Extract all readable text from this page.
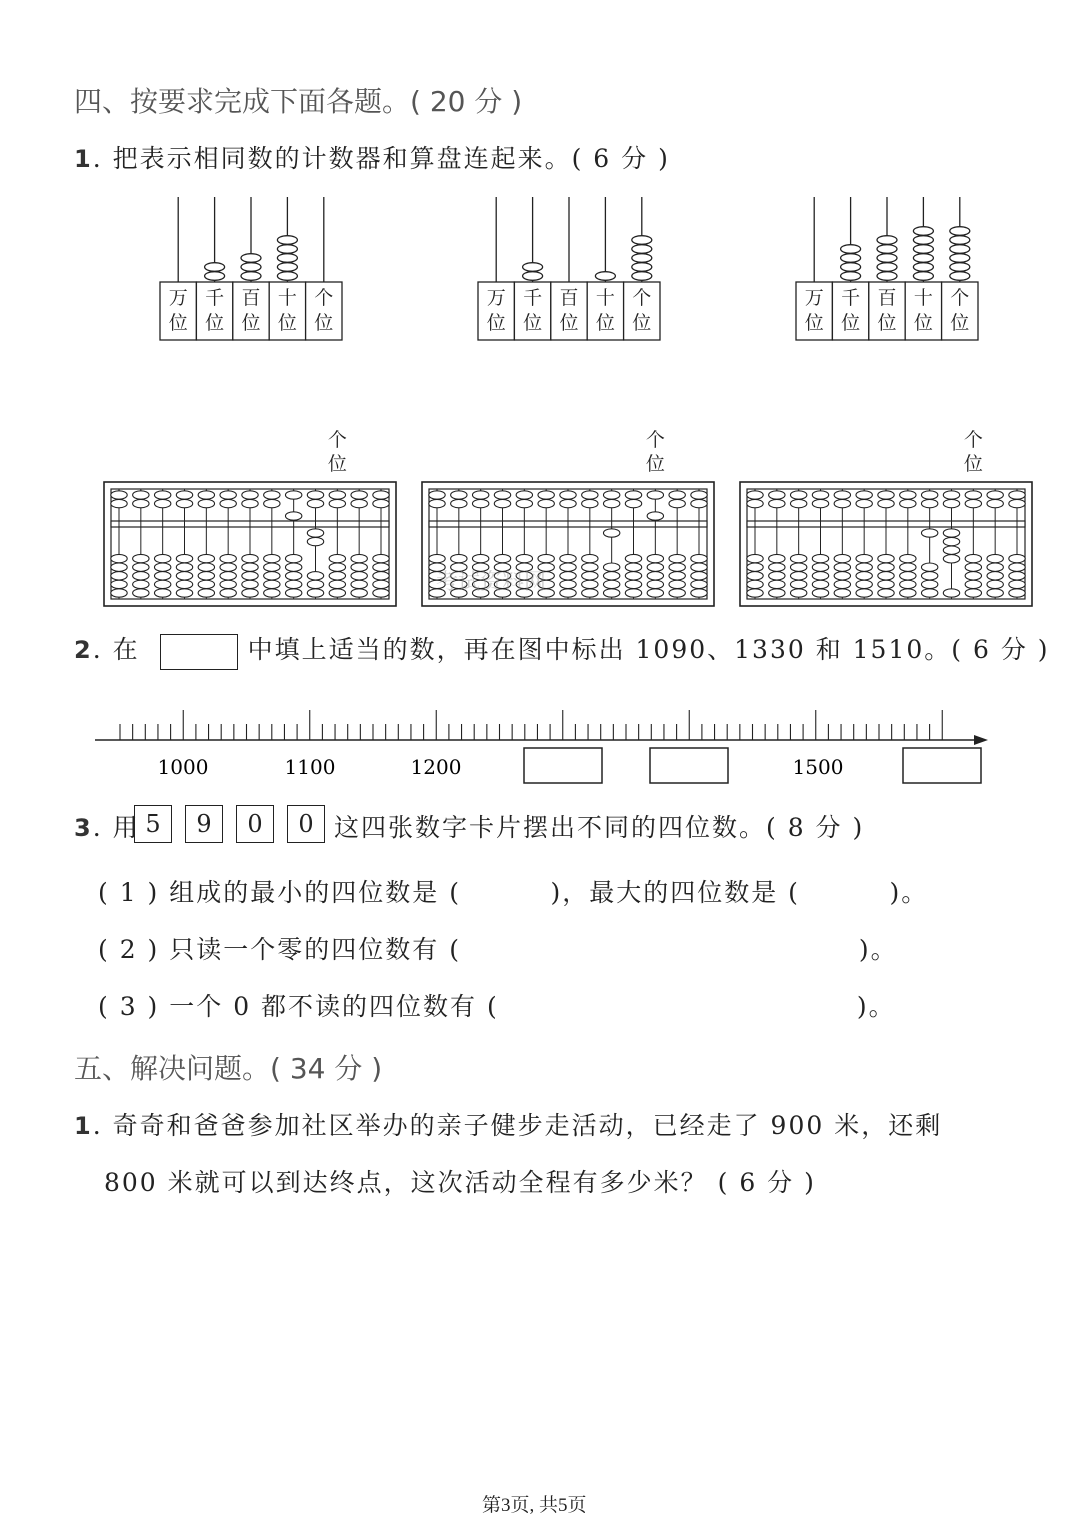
四、按要求完成下面各题。( 20 分 )
1. 把表示相同数的计数器和算盘连起来。( 6 分 )
万
位
千
位
百
位
十
位
个
位
万
位
千
位
百
位
十
位
个
位
万
位
千
位
百
位
十
位
个
位
个
位
个
位
个
位
2. 在	中填上适当的数，再在图中标出 1090、1330 和 1510。( 6 分 )
1000	1100	1200	1500
3. 用 5	9	0	0 这四张数字卡片摆出不同的四位数。( 8 分 )
( 1 ) 组成的最小的四位数是 (         )，最大的四位数是 (         )。
( 2 ) 只读一个零的四位数有 (                                        )。
( 3 ) 一个 0 都不读的四位数有 (                                    )。
五、解决问题。( 34 分 )
1. 奇奇和爸爸参加社区举办的亲子健步走活动，已经走了 900 米，还剩
800 米就可以到达终点，这次活动全程有多少米？ ( 6 分 )
考试资料网
第3页, 共5页
